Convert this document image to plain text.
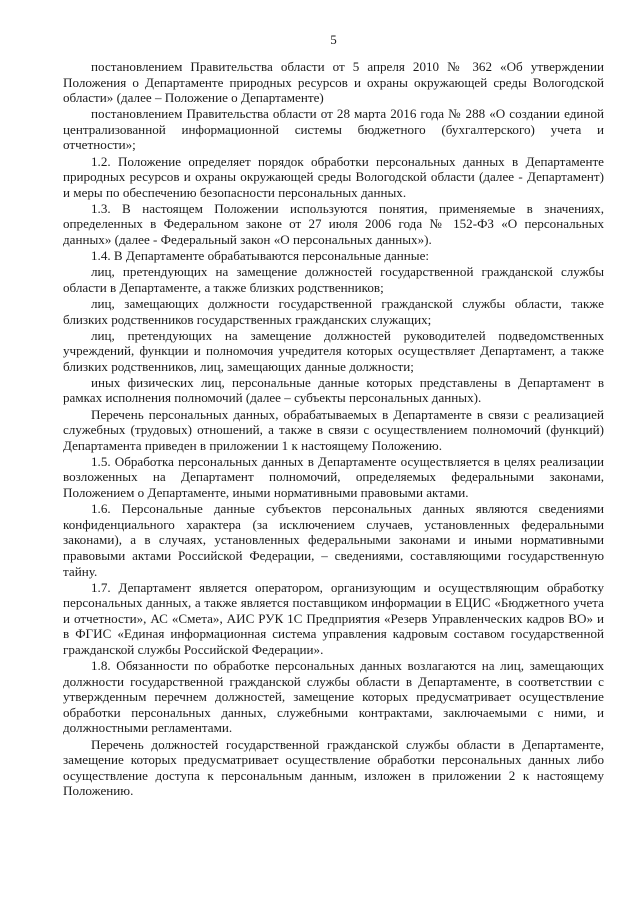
5

постановлением Правительства области от 5 апреля 2010 № 362 «Об утверждении Положения о Департаменте природных ресурсов и охраны окружающей среды Вологодской области» (далее – Положение о Департаменте)

постановлением Правительства области от 28 марта 2016 года № 288 «О создании единой централизованной информационной системы бюджетного (бухгалтерского) учета и отчетности»;

1.2. Положение определяет порядок обработки персональных данных в Департаменте природных ресурсов и охраны окружающей среды Вологодской области (далее - Департамент) и меры по обеспечению безопасности персональных данных.

1.3. В настоящем Положении используются понятия, применяемые в значениях, определенных в Федеральном законе от 27 июля 2006 года № 152-ФЗ «О персональных данных» (далее - Федеральный закон «О персональных данных»).

1.4. В Департаменте обрабатываются персональные данные:

лиц, претендующих на замещение должностей государственной гражданской службы области в Департаменте, а также близких родственников;

лиц, замещающих должности государственной гражданской службы области, также близких родственников государственных гражданских служащих;

лиц, претендующих на замещение должностей руководителей подведомственных учреждений, функции и полномочия учредителя которых осуществляет Департамент, а также близких родственников, лиц, замещающих данные должности;

иных физических лиц, персональные данные которых представлены в Департамент в рамках исполнения полномочий (далее – субъекты персональных данных).

Перечень персональных данных, обрабатываемых в Департаменте в связи с реализацией служебных (трудовых) отношений, а также в связи с осуществлением полномочий (функций) Департамента приведен в приложении 1 к настоящему Положению.

1.5. Обработка персональных данных в Департаменте осуществляется в целях реализации возложенных на Департамент полномочий, определяемых федеральными законами, Положением о Департаменте, иными нормативными правовыми актами.

1.6. Персональные данные субъектов персональных данных являются сведениями конфиденциального характера (за исключением случаев, установленных федеральными законами), а в случаях, установленных федеральными законами и иными нормативными правовыми актами Российской Федерации, – сведениями, составляющими государственную тайну.

1.7. Департамент является оператором, организующим и осуществляющим обработку персональных данных, а также является поставщиком информации в ЕЦИС «Бюджетного учета и отчетности», АС «Смета», АИС РУК 1С Предприятия «Резерв Управленческих кадров ВО» и в ФГИС «Единая информационная система управления кадровым составом государственной гражданской службы Российской Федерации».

1.8. Обязанности по обработке персональных данных возлагаются на лиц, замещающих должности государственной гражданской службы области в Департаменте, в соответствии с утвержденным перечнем должностей, замещение которых предусматривает осуществление обработки персональных данных, служебными контрактами, заключаемыми с ними, и должностными регламентами.

Перечень должностей государственной гражданской службы области в Департаменте, замещение которых предусматривает осуществление обработки персональных данных либо осуществление доступа к персональным данным, изложен в приложении 2 к настоящему Положению.
